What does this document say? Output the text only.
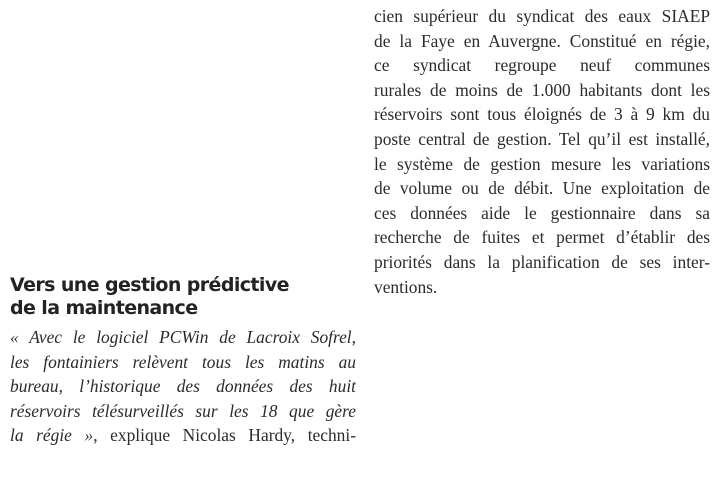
Vers une gestion prédictive
de la maintenance

« Avec le logiciel PCWin de Lacroix Sofrel,
les fontainiers relèvent tous les matins au
bureau, l’historique des données des huit
réservoirs télésurveillés sur les 18 que gère
la régie », explique Nicolas Hardy, techni-

cien supérieur du syndicat des eaux SIAEP
de la Faye en Auvergne. Constitué en régie,
ce syndicat regroupe neuf communes
rurales de moins de 1.000 habitants dont les
réservoirs sont tous éloignés de 3 à 9 km du
poste central de gestion. Tel qu’il est installé,
le système de gestion mesure les variations
de volume ou de débit. Une exploitation de
ces données aide le gestionnaire dans sa
recherche de fuites et permet d’établir des
priorités dans la planification de ses inter-
ventions.
